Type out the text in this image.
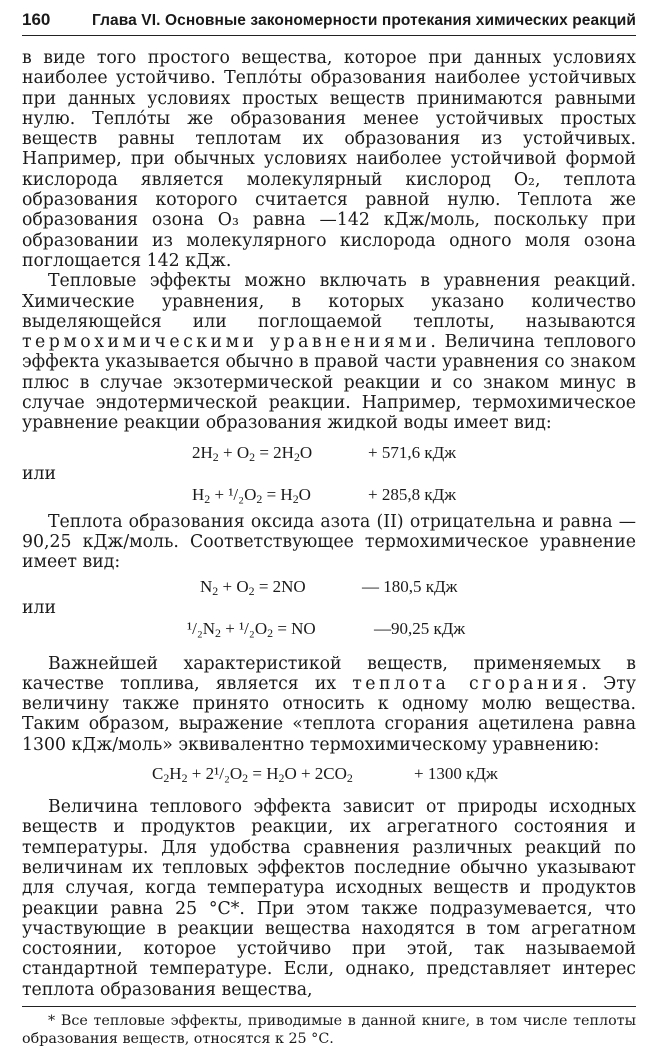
160	Глава VI. Основные закономерности протекания химических реакций

в виде того простого вещества, которое при данных условиях наиболее устойчиво. Теплóты образования наиболее устойчивых при данных условиях простых веществ принимаются равными нулю. Теплóты же образования менее устойчивых простых веществ равны теплотам их образования из устойчивых. Например, при обычных условиях наиболее устойчивой формой кислорода является молекулярный кислород O₂, теплота образования которого считается равной нулю. Теплота же образования озона O₃ равна —142 кДж/моль, поскольку при образовании из молекулярного кислорода одного моля озона поглощается 142 кДж.

Тепловые эффекты можно включать в уравнения реакций. Химические уравнения, в которых указано количество выделяющейся или поглощаемой теплоты, называются термохимическими уравнениями. Величина теплового эффекта указывается обычно в правой части уравнения со знаком плюс в случае экзотермической реакции и со знаком минус в случае эндотермической реакции. Например, термохимическое уравнение реакции образования жидкой воды имеет вид:

$2H_2 + O_2 = 2H_2O$	+ 571,6 кДж
или
$H_2 + ^1/_2O_2 = H_2O$	+ 285,8 кДж

Теплота образования оксида азота (II) отрицательна и равна —90,25 кДж/моль. Соответствующее термохимическое уравнение имеет вид:

$N_2 + O_2 = 2NO$	— 180,5 кДж
или
$^1/_2N_2 + ^1/_2O_2$ = NO	—90,25 кДж

Важнейшей характеристикой веществ, применяемых в качестве топлива, является их теплота сгорания. Эту величину также принято относить к одному молю вещества. Таким образом, выражение «теплота сгорания ацетилена равна 1300 кДж/моль» эквивалентно термохимическому уравнению:

$C_2H_2 + 2^1/_2O_2 = H_2O + 2CO_2$	+ 1300 кДж

Величина теплового эффекта зависит от природы исходных веществ и продуктов реакции, их агрегатного состояния и температуры. Для удобства сравнения различных реакций по величинам их тепловых эффектов последние обычно указывают для случая, когда температура исходных веществ и продуктов реакции равна 25 °С*. При этом также подразумевается, что участвующие в реакции вещества находятся в том агрегатном состоянии, которое устойчиво при этой, так называемой стандартной температуре. Если, однако, представляет интерес теплота образования вещества,

* Все тепловые эффекты, приводимые в данной книге, в том числе теплоты образования веществ, относятся к 25 °С.
